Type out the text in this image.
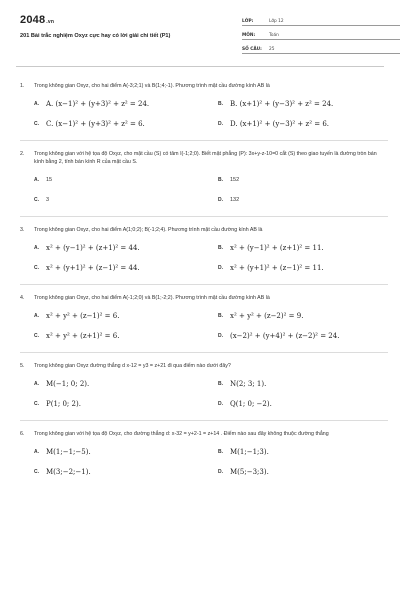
2048.vn
201 Bài trắc nghiệm Oxyz cực hay có lời giải chi tiết (P1)
LỚP:	Lớp 12
MÔN:	Toán
SỐ CÂU:	25
1.	Trong không gian Oxyz, cho hai điểm A(-3;2;1) và B(1;4;-1). Phương trình mặt cầu đường kính AB là
A.	A. (x−1)² + (y+3)² + z² = 24.	B.	B. (x+1)² + (y−3)² + z² = 24.
C.	C. (x−1)² + (y+3)² + z² = 6.	D.	D. (x+1)² + (y−3)² + z² = 6.
2.	Trong không gian với hệ tọa độ Oxyz, cho mặt cầu (S) có tâm I(-1;2;0). Biết mặt phẳng (P): 3x+y-z-10=0 cắt (S) theo giao tuyến là đường tròn bán kính bằng 2, tính bán kính R của mặt cầu S.
A.	15	B.	152
C.	3	D.	132
3.	Trong không gian Oxyz, cho hai điểm A(1;0;2); B(-1;2;4). Phương trình mặt cầu đường kính AB là
A.	x² + (y−1)² + (z+1)² = 44.	B.	x² + (y−1)² + (z+1)² = 11.
C.	x² + (y+1)² + (z−1)² = 44.	D.	x² + (y+1)² + (z−1)² = 11.
4.	Trong không gian Oxyz, cho hai điểm A(-1;2;0) và B(1;-2;2). Phương trình mặt cầu đường kính AB là
A.	x² + y² + (z−1)² = 6.	B.	x² + y² + (z−2)² = 9.
C.	x² + y² + (z+1)² = 6.	D.	(x−2)² + (y+4)² + (z−2)² = 24.
5.	Trong không gian Oxyz đường thẳng d x-12 = y3 = z+21 đi qua điểm nào dưới đây?
A.	M(−1; 0; 2).	B.	N(2; 3; 1).
C.	P(1; 0; 2).	D.	Q(1; 0; −2).
6.	Trong không gian với hệ tọa độ Oxyz, cho đường thẳng d: x-32 = y+2-1 = z+14 . Điểm nào sau đây không thuộc đường thẳng
A.	M(1;−1;−5).	B.	M(1;−1;3).
C.	M(3;−2;−1).	D.	M(5;−3;3).
